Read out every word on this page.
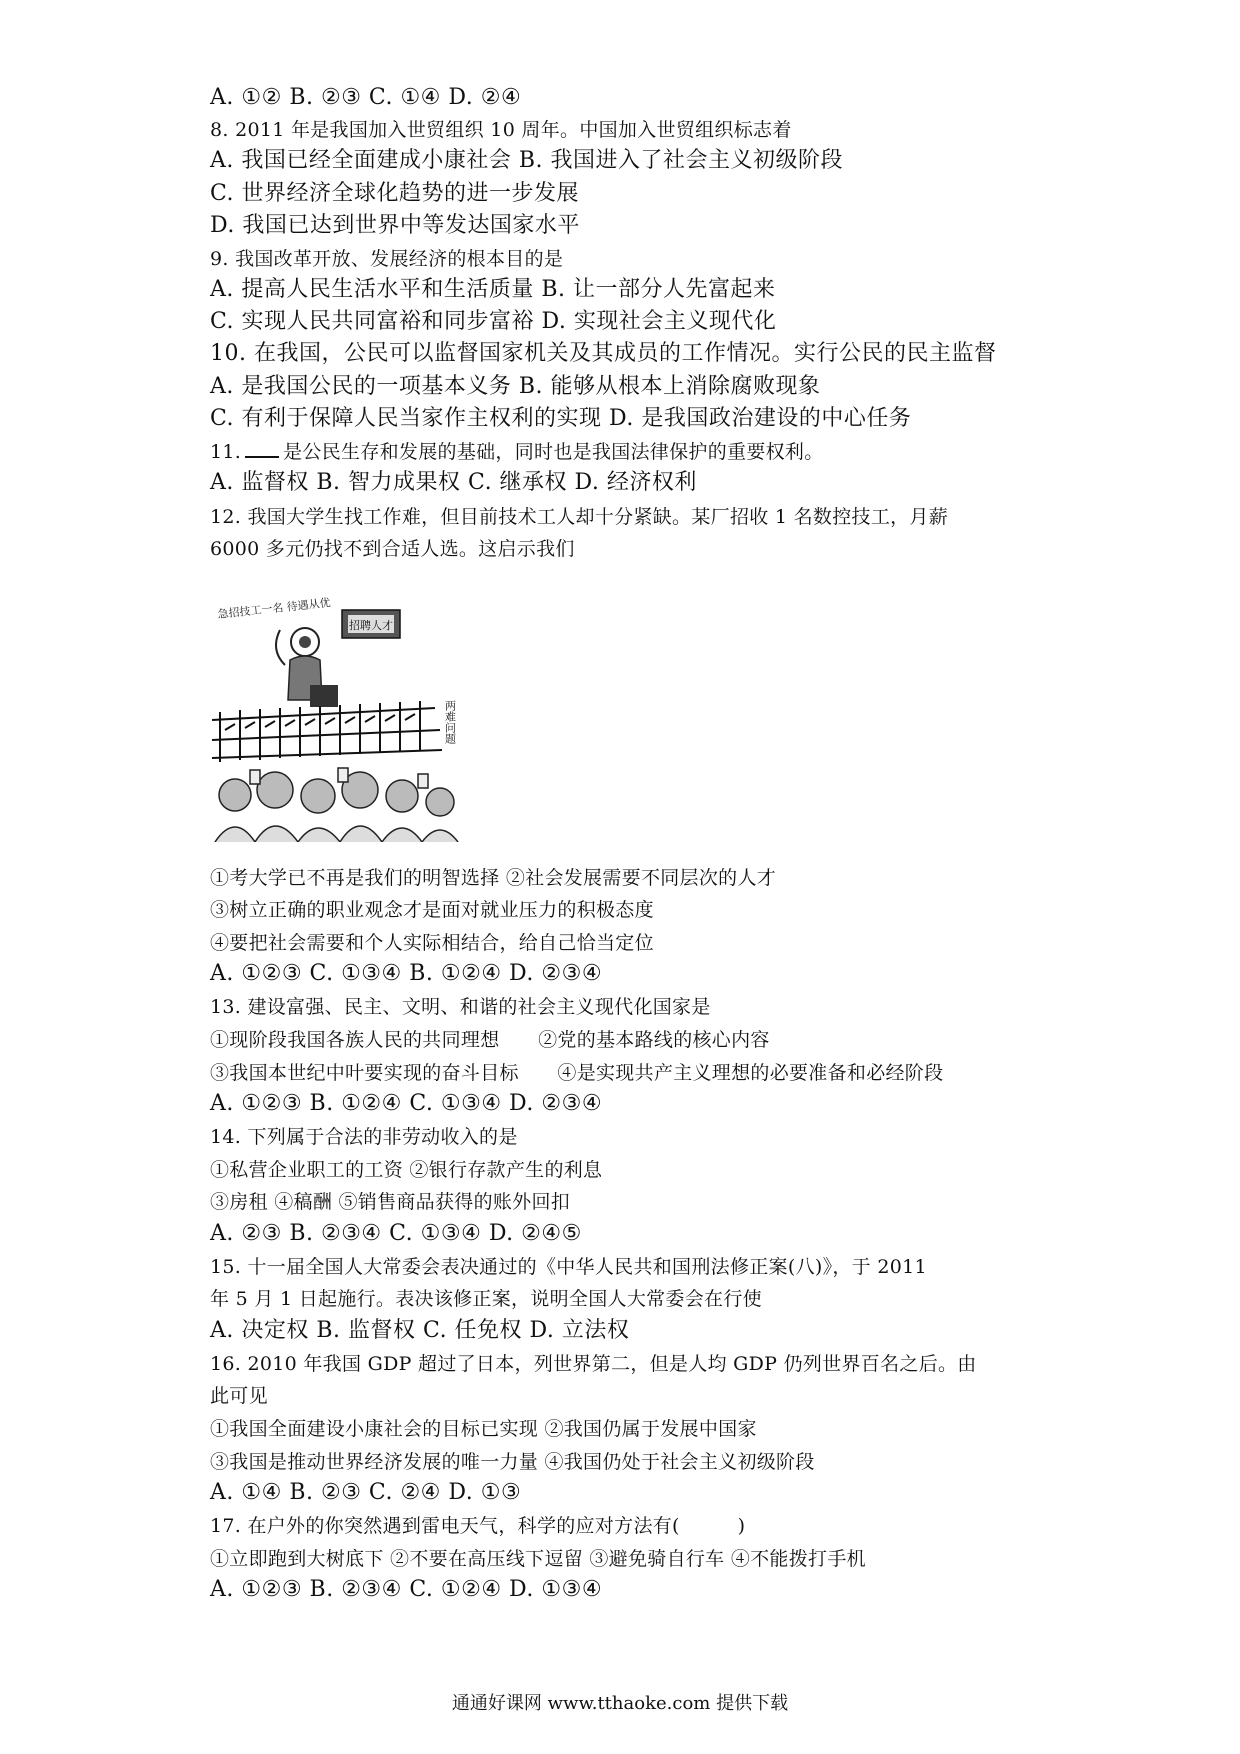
A. ①② B. ②③ C. ①④ D. ②④
8. 2011 年是我国加入世贸组织 10 周年。中国加入世贸组织标志着
A. 我国已经全面建成小康社会 B. 我国进入了社会主义初级阶段
C. 世界经济全球化趋势的进一步发展
D. 我国已达到世界中等发达国家水平
9. 我国改革开放、发展经济的根本目的是
A. 提高人民生活水平和生活质量 B. 让一部分人先富起来
C. 实现人民共同富裕和同步富裕 D. 实现社会主义现代化
10. 在我国，公民可以监督国家机关及其成员的工作情况。实行公民的民主监督
A. 是我国公民的一项基本义务 B. 能够从根本上消除腐败现象
C. 有利于保障人民当家作主权利的实现 D. 是我国政治建设的中心任务
11. 是公民生存和发展的基础，同时也是我国法律保护的重要权利。
A. 监督权 B. 智力成果权 C. 继承权 D. 经济权利
12. 我国大学生找工作难，但目前技术工人却十分紧缺。某厂招收 1 名数控技工，月薪
6000 多元仍找不到合适人选。这启示我们
急招技工一名 待遇从优
招聘人才
两难问题
①考大学已不再是我们的明智选择 ②社会发展需要不同层次的人才
③树立正确的职业观念才是面对就业压力的积极态度
④要把社会需要和个人实际相结合，给自己恰当定位
A. ①②③ C. ①③④ B. ①②④ D. ②③④
13. 建设富强、民主、文明、和谐的社会主义现代化国家是
①现阶段我国各族人民的共同理想　　②党的基本路线的核心内容
③我国本世纪中叶要实现的奋斗目标　　④是实现共产主义理想的必要准备和必经阶段
A. ①②③ B. ①②④ C. ①③④ D. ②③④
14. 下列属于合法的非劳动收入的是
①私营企业职工的工资 ②银行存款产生的利息
③房租 ④稿酬 ⑤销售商品获得的账外回扣
A. ②③ B. ②③④ C. ①③④ D. ②④⑤
15. 十一届全国人大常委会表决通过的《中华人民共和国刑法修正案(八)》，于 2011
年 5 月 1 日起施行。表决该修正案，说明全国人大常委会在行使
A. 决定权 B. 监督权 C. 任免权 D. 立法权
16. 2010 年我国 GDP 超过了日本，列世界第二，但是人均 GDP 仍列世界百名之后。由
此可见
①我国全面建设小康社会的目标已实现 ②我国仍属于发展中国家
③我国是推动世界经济发展的唯一力量 ④我国仍处于社会主义初级阶段
A. ①④ B. ②③ C. ②④ D. ①③
17. 在户外的你突然遇到雷电天气，科学的应对方法有(　　　)
①立即跑到大树底下 ②不要在高压线下逗留 ③避免骑自行车 ④不能拨打手机
A. ①②③ B. ②③④ C. ①②④ D. ①③④
通通好课网 www.tthaoke.com 提供下载
